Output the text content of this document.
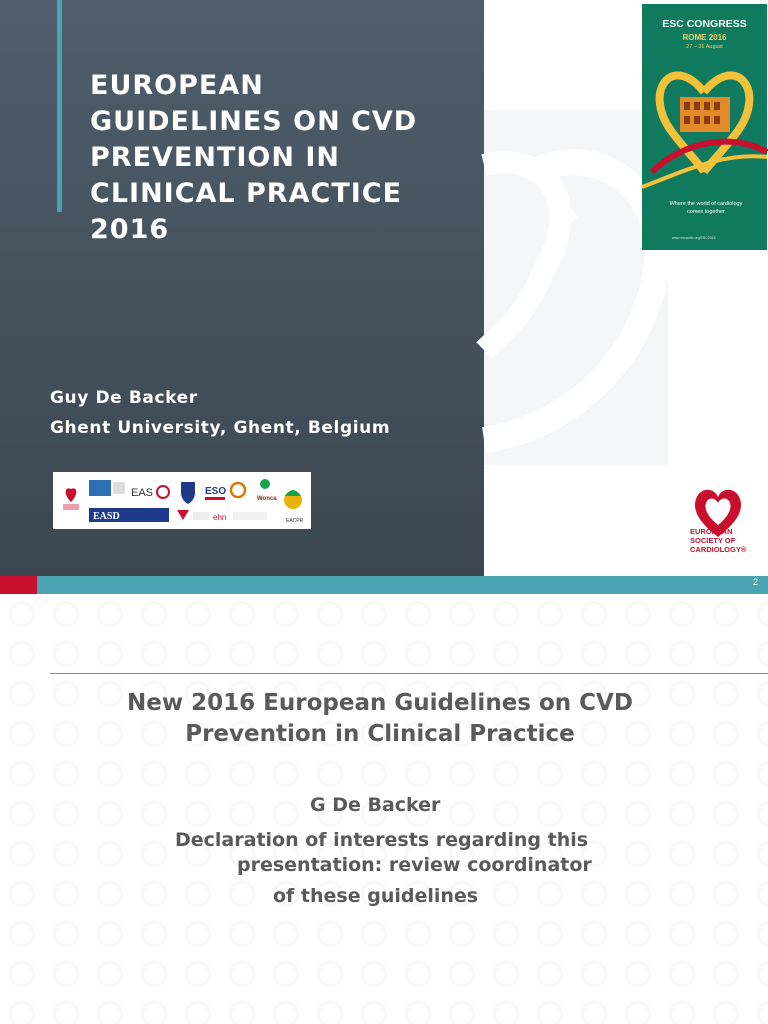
EUROPEAN
GUIDELINES ON CVD
PREVENTION IN
CLINICAL PRACTICE
2016
Guy De Backer
Ghent University, Ghent, Belgium
EAS	ESO
Wonca
EACPR
EASD	ehn
ESC CONGRESS
ROME 2016
27 – 31 August
Where the world of cardiology comes together
www.escardio.org/ESC2016
EUROPEAN
SOCIETY OF
CARDIOLOGY®
2
New 2016 European Guidelines on CVD
Prevention in Clinical Practice
G De Backer
Declaration of interests regarding this
presentation: review coordinator
of these guidelines
